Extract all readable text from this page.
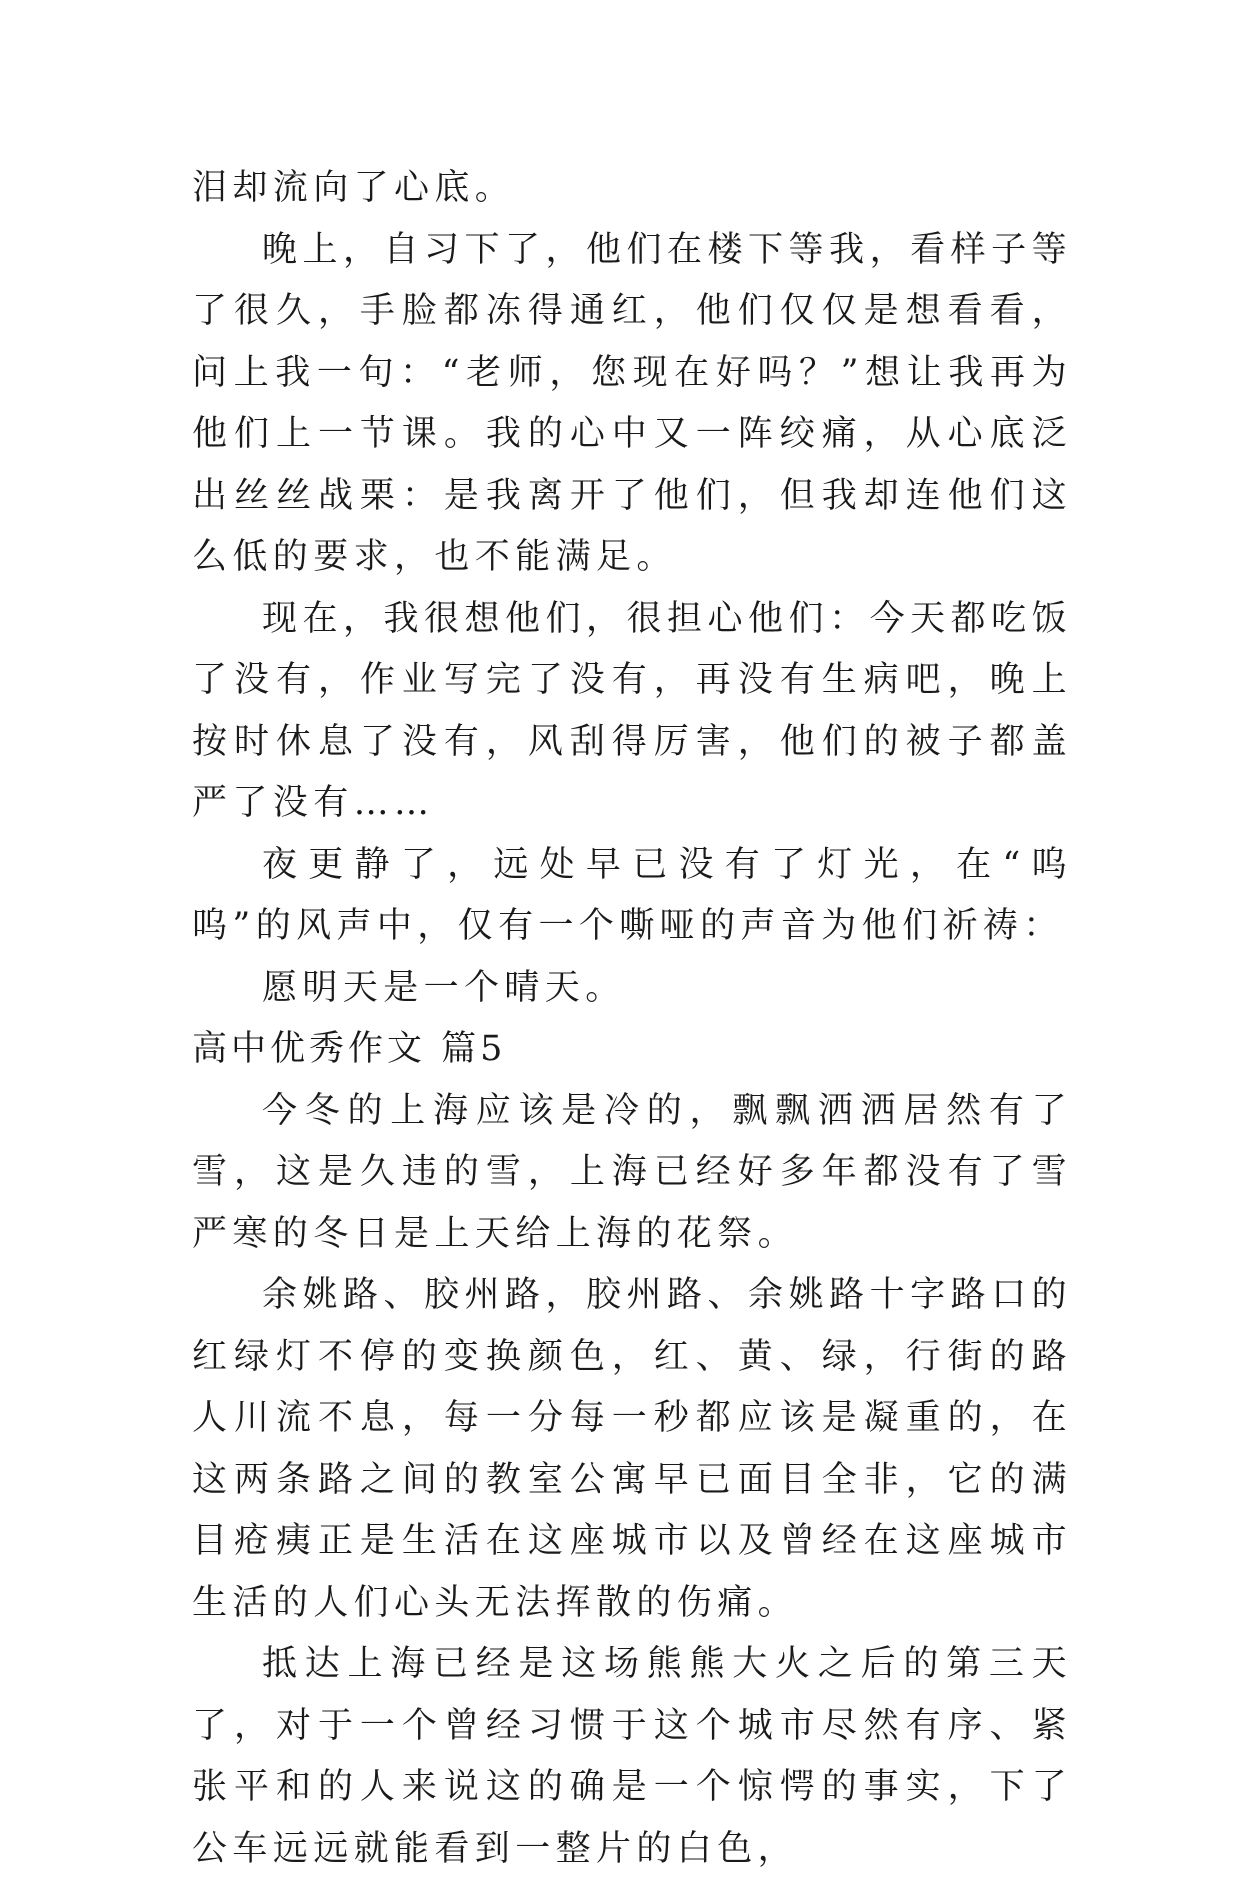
泪却流向了心底。

晚上，自习下了，他们在楼下等我，看样子等了很久，手脸都冻得通红，他们仅仅是想看看，问上我一句：“老师，您现在好吗？”想让我再为他们上一节课。我的心中又一阵绞痛，从心底泛出丝丝战栗：是我离开了他们，但我却连他们这么低的要求，也不能满足。

现在，我很想他们，很担心他们：今天都吃饭了没有，作业写完了没有，再没有生病吧，晚上按时休息了没有，风刮得厉害，他们的被子都盖严了没有……

夜更静了，远处早已没有了灯光，在“呜呜”的风声中，仅有一个嘶哑的声音为他们祈祷：

愿明天是一个晴天。

高中优秀作文 篇5

今冬的上海应该是冷的，飘飘洒洒居然有了雪，这是久违的雪，上海已经好多年都没有了雪严寒的冬日是上天给上海的花祭。

余姚路、胶州路，胶州路、余姚路十字路口的红绿灯不停的变换颜色，红、黄、绿，行街的路人川流不息，每一分每一秒都应该是凝重的，在这两条路之间的教室公寓早已面目全非，它的满目疮痍正是生活在这座城市以及曾经在这座城市生活的人们心头无法挥散的伤痛。

抵达上海已经是这场熊熊大火之后的第三天了，对于一个曾经习惯于这个城市尽然有序、紧张平和的人来说这的确是一个惊愕的事实，下了公车远远就能看到一整片的白色，
